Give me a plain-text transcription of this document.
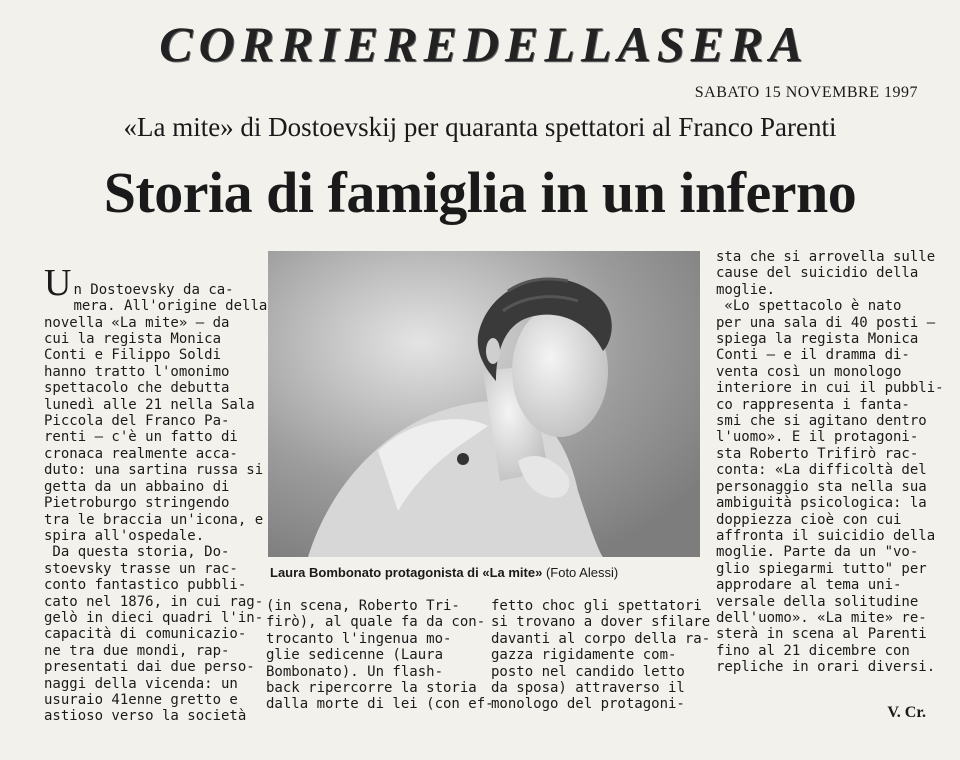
CORRIEREDELLASERA
SABATO 15 NOVEMBRE 1997
«La mite» di Dostoevskij per quaranta spettatori al Franco Parenti
Storia di famiglia in un inferno

U n Dostoevsky da ca-
mera. All'origine della
novella «La mite» — da
cui la regista Monica
Conti e Filippo Soldi
hanno tratto l'omonimo
spettacolo che debutta
lunedì alle 21 nella Sala
Piccola del Franco Pa-
renti — c'è un fatto di
cronaca realmente acca-
duto: una sartina russa si
getta da un abbaino di
Pietroburgo stringendo
tra le braccia un'icona, e
spira all'ospedale.

Da questa storia, Do-
stoevsky trasse un rac-
conto fantastico pubbli-
cato nel 1876, in cui rag-
gelò in dieci quadri l'in-
capacità di comunicazio-
ne tra due mondi, rap-
presentati dai due perso-
naggi della vicenda: un
usuraio 41enne gretto e
astioso verso la società

Laura Bombonato protagonista di «La mite» (Foto Alessi)

(in scena, Roberto Tri-
firò), al quale fa da con-
trocanto l'ingenua mo-
glie sedicenne (Laura
Bombonato). Un flash-
back ripercorre la storia
dalla morte di lei (con ef-

fetto choc gli spettatori
si trovano a dover sfilare
davanti al corpo della ra-
gazza rigidamente com-
posto nel candido letto
da sposa) attraverso il
monologo del protagoni-

sta che si arrovella sulle
cause del suicidio della
moglie.

«Lo spettacolo è nato
per una sala di 40 posti —
spiega la regista Monica
Conti — e il dramma di-
venta così un monologo
interiore in cui il pubbli-
co rappresenta i fanta-
smi che si agitano dentro
l'uomo». E il protagoni-
sta Roberto Trifirò rac-
conta: «La difficoltà del
personaggio sta nella sua
ambiguità psicologica: la
doppiezza cioè con cui
affronta il suicidio della
moglie. Parte da un "vo-
glio spiegarmi tutto" per
approdare al tema uni-
versale della solitudine
dell'uomo». «La mite» re-
sterà in scena al Parenti
fino al 21 dicembre con
repliche in orari diversi.

V. Cr.
